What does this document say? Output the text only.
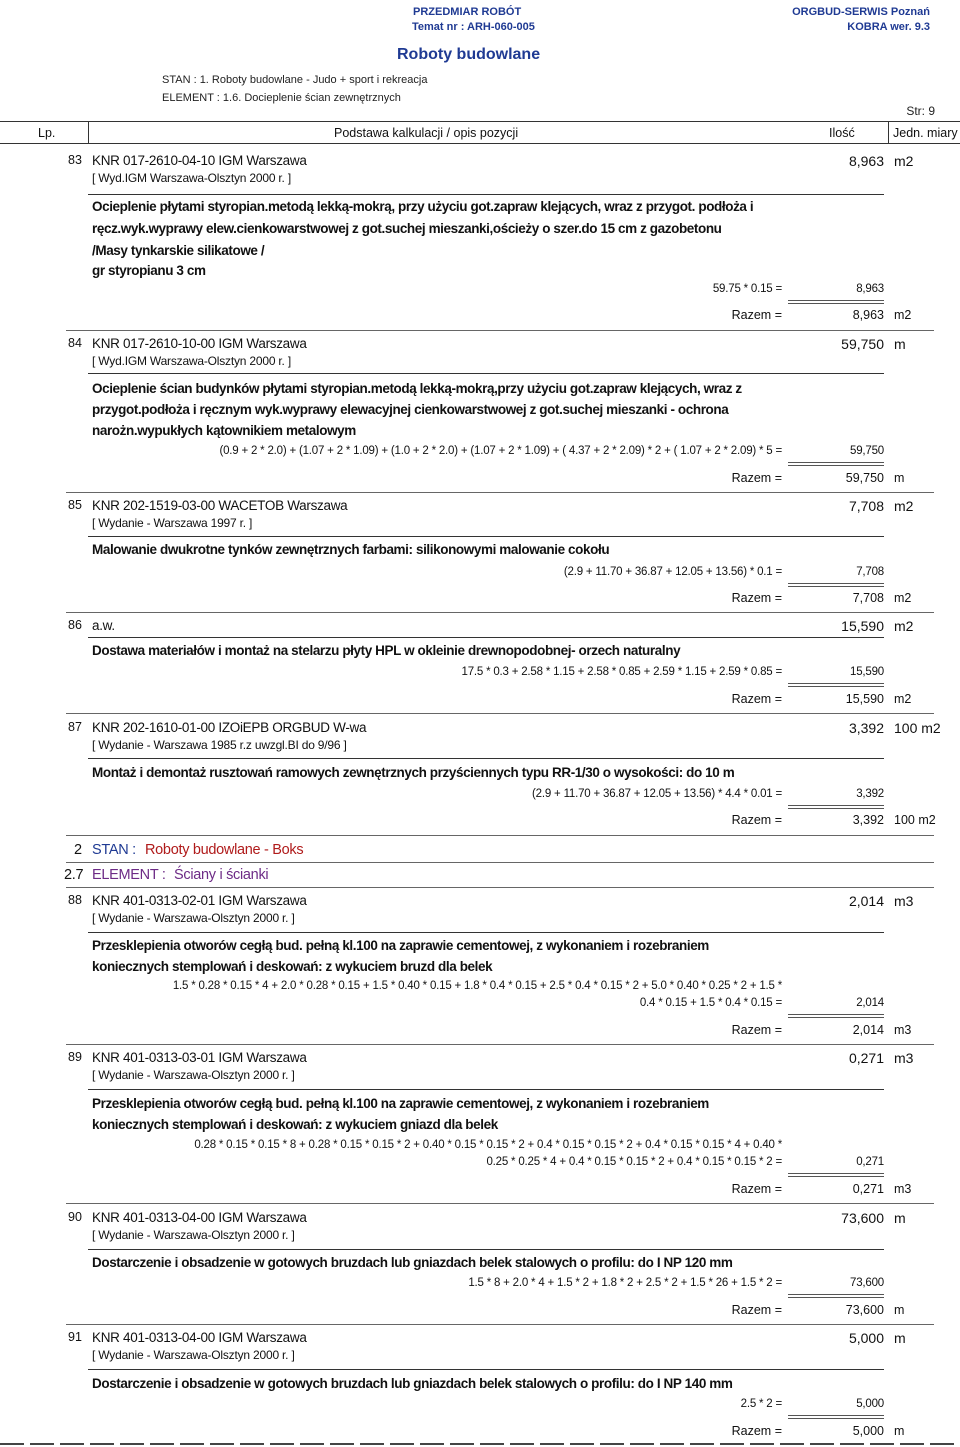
PRZEDMIAR ROBÓT
Temat nr : ARH-060-005
ORGBUD-SERWIS Poznań
KOBRA wer. 9.3
Roboty budowlane
STAN : 1. Roboty budowlane - Judo + sport i rekreacja
ELEMENT : 1.6. Docieplenie ścian zewnętrznych
Str: 9
Lp.	Podstawa kalkulacji / opis pozycji	Ilość	Jedn. miary
83 KNR 017-2610-04-10 IGM Warszawa
[ Wyd.IGM Warszawa-Olsztyn 2000 r. ]
8,963 m2
Ocieplenie płytami styropian.metodą lekką-mokrą, przy użyciu got.zapraw klejących, wraz z przygot. podłoża i
ręcz.wyk.wyprawy elew.cienkowarstwowej z got.suchej mieszanki,ościeży o szer.do 15 cm z gazobetonu
/Masy tynkarskie silikatowe /
gr styropianu 3 cm
59.75 * 0.15 =	8,963
Razem =	8,963 m2
84 KNR 017-2610-10-00 IGM Warszawa
[ Wyd.IGM Warszawa-Olsztyn 2000 r. ]
59,750 m
Ocieplenie ścian budynków płytami styropian.metodą lekką-mokrą,przy użyciu got.zapraw klejących, wraz z
przygot.podłoża i ręcznym wyk.wyprawy elewacyjnej cienkowarstwowej z got.suchej mieszanki - ochrona
narożn.wypukłych kątownikiem metalowym
(0.9 + 2 * 2.0) + (1.07 + 2 * 1.09) + (1.0 + 2 * 2.0) + (1.07 + 2 * 1.09) + ( 4.37 + 2 * 2.09) * 2 + ( 1.07 + 2 * 2.09) * 5 =	59,750
Razem =	59,750 m
85 KNR 202-1519-03-00 WACETOB Warszawa
[ Wydanie - Warszawa 1997 r. ]
7,708 m2
Malowanie dwukrotne tynków zewnętrznych farbami: silikonowymi malowanie cokołu
(2.9 + 11.70 + 36.87 + 12.05 + 13.56) * 0.1 =	7,708
Razem =	7,708 m2
86 a.w.	15,590 m2
Dostawa materiałów i montaż na stelarzu płyty HPL w okleinie drewnopodobnej- orzech naturalny
17.5 * 0.3 + 2.58 * 1.15 + 2.58 * 0.85 + 2.59 * 1.15 + 2.59 * 0.85 =	15,590
Razem =	15,590 m2
87 KNR 202-1610-01-00 IZOiEPB ORGBUD W-wa
[ Wydanie - Warszawa 1985 r.z uwzgl.BI do 9/96 ]
3,392 100 m2
Montaż i demontaż rusztowań ramowych zewnętrznych przyściennych typu RR-1/30 o wysokości: do 10 m
(2.9 + 11.70 + 36.87 + 12.05 + 13.56) * 4.4 * 0.01 =	3,392
Razem =	3,392 100 m2
2 STAN : Roboty budowlane - Boks
2.7 ELEMENT : Ściany i ścianki
88 KNR 401-0313-02-01 IGM Warszawa
[ Wydanie - Warszawa-Olsztyn 2000 r. ]
2,014 m3
Przesklepienia otworów cegłą bud. pełną kl.100 na zaprawie cementowej, z wykonaniem i rozebraniem
koniecznych stemplowań i deskowań: z wykuciem bruzd dla belek
1.5 * 0.28 * 0.15 * 4 + 2.0 * 0.28 * 0.15 + 1.5 * 0.40 * 0.15 + 1.8 * 0.4 * 0.15 + 2.5 * 0.4 * 0.15 * 2 + 5.0 * 0.40 * 0.25 * 2 + 1.5 *
0.4 * 0.15 + 1.5 * 0.4 * 0.15 =	2,014
Razem =	2,014 m3
89 KNR 401-0313-03-01 IGM Warszawa
[ Wydanie - Warszawa-Olsztyn 2000 r. ]
0,271 m3
Przesklepienia otworów cegłą bud. pełną kl.100 na zaprawie cementowej, z wykonaniem i rozebraniem
koniecznych stemplowań i deskowań: z wykuciem gniazd dla belek
0.28 * 0.15 * 0.15 * 8 + 0.28 * 0.15 * 0.15 * 2 + 0.40 * 0.15 * 0.15 * 2 + 0.4 * 0.15 * 0.15 * 2 + 0.4 * 0.15 * 0.15 * 4 + 0.40 *
0.25 * 0.25 * 4 + 0.4 * 0.15 * 0.15 * 2 + 0.4 * 0.15 * 0.15 * 2 =	0,271
Razem =	0,271 m3
90 KNR 401-0313-04-00 IGM Warszawa
[ Wydanie - Warszawa-Olsztyn 2000 r. ]
73,600 m
Dostarczenie i obsadzenie w gotowych bruzdach lub gniazdach belek stalowych o profilu: do I NP 120 mm
1.5 * 8 + 2.0 * 4 + 1.5 * 2 + 1.8 * 2 + 2.5 * 2 + 1.5 * 26 + 1.5 * 2 =	73,600
Razem =	73,600 m
91 KNR 401-0313-04-00 IGM Warszawa
[ Wydanie - Warszawa-Olsztyn 2000 r. ]
5,000 m
Dostarczenie i obsadzenie w gotowych bruzdach lub gniazdach belek stalowych o profilu: do I NP 140 mm
2.5 * 2 =	5,000
Razem =	5,000 m
